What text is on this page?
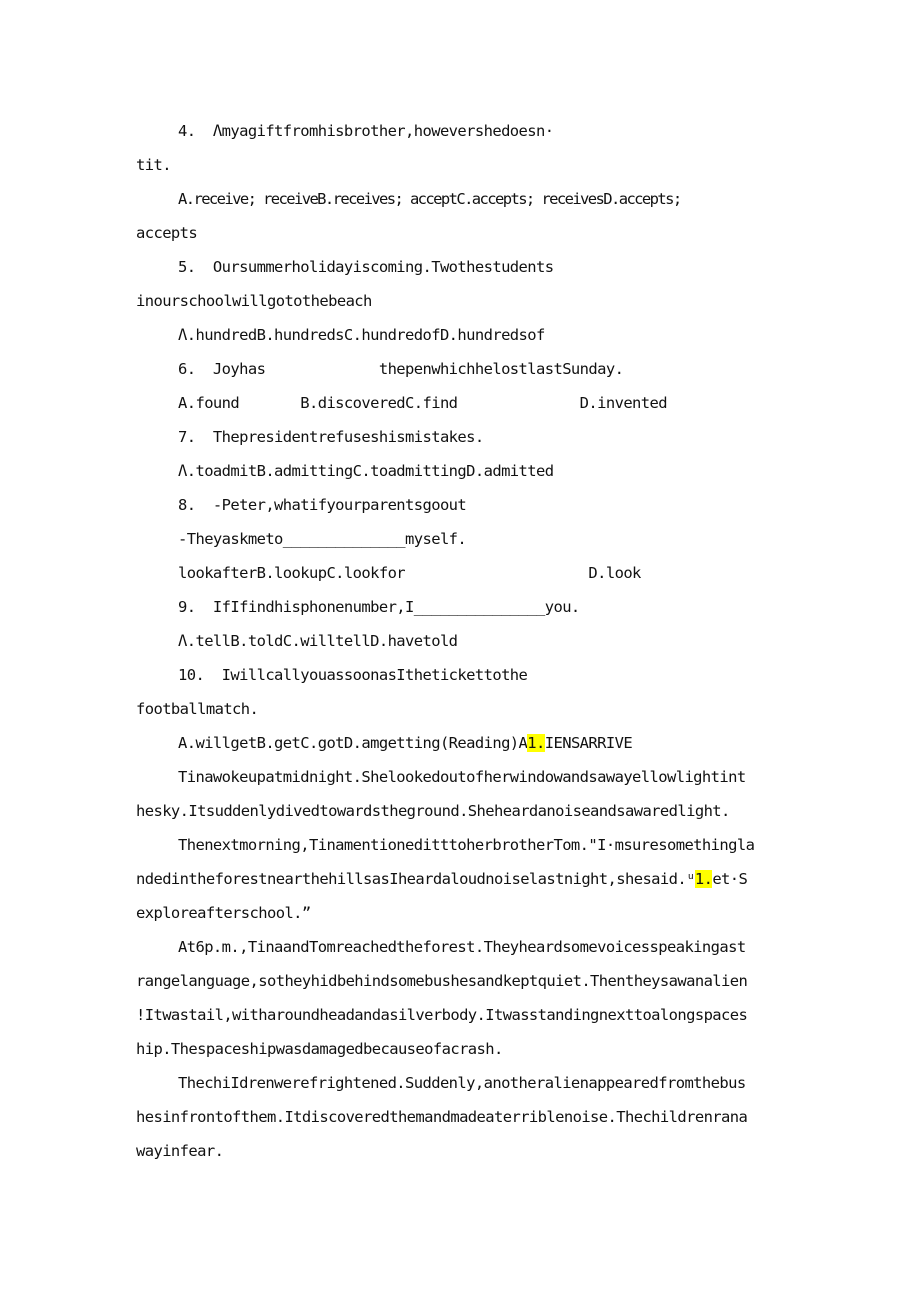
4.  Λmyagiftfromhisbrother,howevershedoesn·
tit.
A.receive; receiveB.receives; acceptC.accepts; receivesD.accepts;
accepts
5.  Oursummerholidayiscoming.Twothestudents
inourschoolwillgotothebeach
Λ.hundredB.hundredsC.hundredofD.hundredsof
6.  Joyhas             thepenwhichhelostlastSunday.
A.found       B.discoveredC.find              D.invented
7.  Thepresidentrefuseshismistakes.
Λ.toadmitB.admittingC.toadmittingD.admitted
8.  -Peter,whatifyourparentsgoout
-Theyaskmeto______________myself.
lookafterB.lookupC.lookfor                     D.look
9.  IfIfindhisphonenumber,I_______________you.
Λ.tellB.toldC.willtellD.havetold
10.  IwillcallyouassoonasIthetickettothe
footballmatch.
A.willgetB.getC.gotD.amgetting(Reading)A1.IENSARRIVE
Tinawokeupatmidnight.Shelookedoutofherwindowandsawayellowlightint
hesky.Itsuddenlydivedtowardstheground.Sheheardanoiseandsawaredlight.
Thenextmorning,TinamentioneditttoherbrotherTom."I·msuresomethingla
ndedintheforestnearthehillsasIheardaloudnoiselastnight,shesaid.ᵘ1.et·S
exploreafterschool.”
At6p.m.,TinaandTomreachedtheforest.Theyheardsomevoicesspeakingast
rangelanguage,sotheyhidbehindsomebushesandkeptquiet.Thentheysawanalien
!Itwastail,witharoundheadandasilverbody.Itwasstandingnexttoalongspaces
hip.Thespaceshipwasdamagedbecauseofacrash.
ThechiIdrenwerefrightened.Suddenly,anotheralienappearedfromthebus
hesinfrontofthem.Itdiscoveredthemandmadeaterriblenoise.Thechildrenrana
wayinfear.
